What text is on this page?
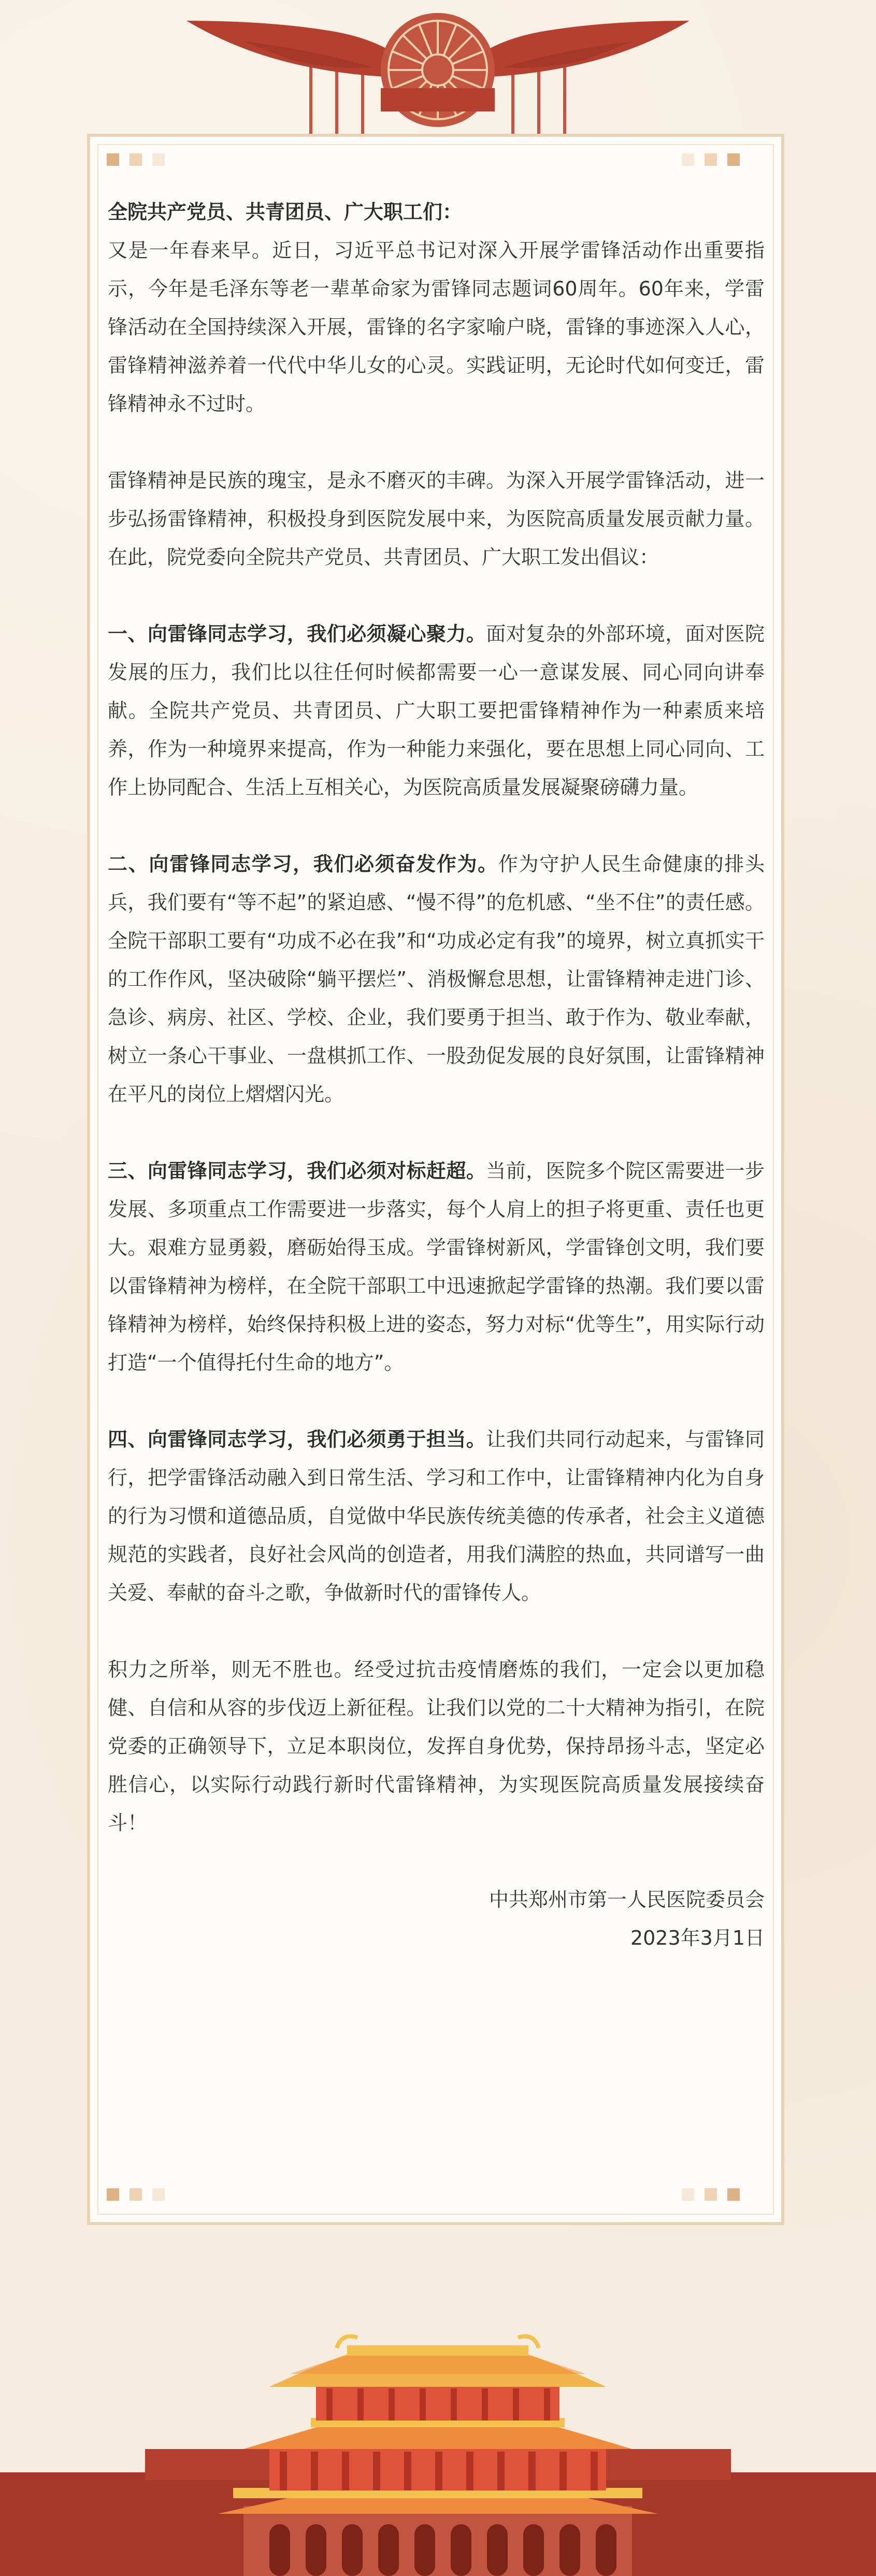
全院共产党员、共青团员、广大职工们：

又是一年春来早。近日，习近平总书记对深入开展学雷锋活动作出重要指示，今年是毛泽东等老一辈革命家为雷锋同志题词60周年。60年来，学雷锋活动在全国持续深入开展，雷锋的名字家喻户晓，雷锋的事迹深入人心，雷锋精神滋养着一代代中华儿女的心灵。实践证明，无论时代如何变迁，雷锋精神永不过时。

雷锋精神是民族的瑰宝，是永不磨灭的丰碑。为深入开展学雷锋活动，进一步弘扬雷锋精神，积极投身到医院发展中来，为医院高质量发展贡献力量。在此，院党委向全院共产党员、共青团员、广大职工发出倡议：

一、向雷锋同志学习，我们必须凝心聚力。面对复杂的外部环境，面对医院发展的压力，我们比以往任何时候都需要一心一意谋发展、同心同向讲奉献。全院共产党员、共青团员、广大职工要把雷锋精神作为一种素质来培养，作为一种境界来提高，作为一种能力来强化，要在思想上同心同向、工作上协同配合、生活上互相关心，为医院高质量发展凝聚磅礴力量。

二、向雷锋同志学习，我们必须奋发作为。作为守护人民生命健康的排头兵，我们要有“等不起”的紧迫感、“慢不得”的危机感、“坐不住”的责任感。全院干部职工要有“功成不必在我”和“功成必定有我”的境界，树立真抓实干的工作作风，坚决破除“躺平摆烂”、消极懈怠思想，让雷锋精神走进门诊、急诊、病房、社区、学校、企业，我们要勇于担当、敢于作为、敬业奉献，树立一条心干事业、一盘棋抓工作、一股劲促发展的良好氛围，让雷锋精神在平凡的岗位上熠熠闪光。

三、向雷锋同志学习，我们必须对标赶超。当前，医院多个院区需要进一步发展、多项重点工作需要进一步落实，每个人肩上的担子将更重、责任也更大。艰难方显勇毅，磨砺始得玉成。学雷锋树新风，学雷锋创文明，我们要以雷锋精神为榜样，在全院干部职工中迅速掀起学雷锋的热潮。我们要以雷锋精神为榜样，始终保持积极上进的姿态，努力对标“优等生”，用实际行动打造“一个值得托付生命的地方”。

四、向雷锋同志学习，我们必须勇于担当。让我们共同行动起来，与雷锋同行，把学雷锋活动融入到日常生活、学习和工作中，让雷锋精神内化为自身的行为习惯和道德品质，自觉做中华民族传统美德的传承者，社会主义道德规范的实践者，良好社会风尚的创造者，用我们满腔的热血，共同谱写一曲关爱、奉献的奋斗之歌，争做新时代的雷锋传人。

积力之所举，则无不胜也。经受过抗击疫情磨炼的我们，一定会以更加稳健、自信和从容的步伐迈上新征程。让我们以党的二十大精神为指引，在院党委的正确领导下，立足本职岗位，发挥自身优势，保持昂扬斗志，坚定必胜信心，以实际行动践行新时代雷锋精神，为实现医院高质量发展接续奋斗！

中共郑州市第一人民医院委员会

2023年3月1日
